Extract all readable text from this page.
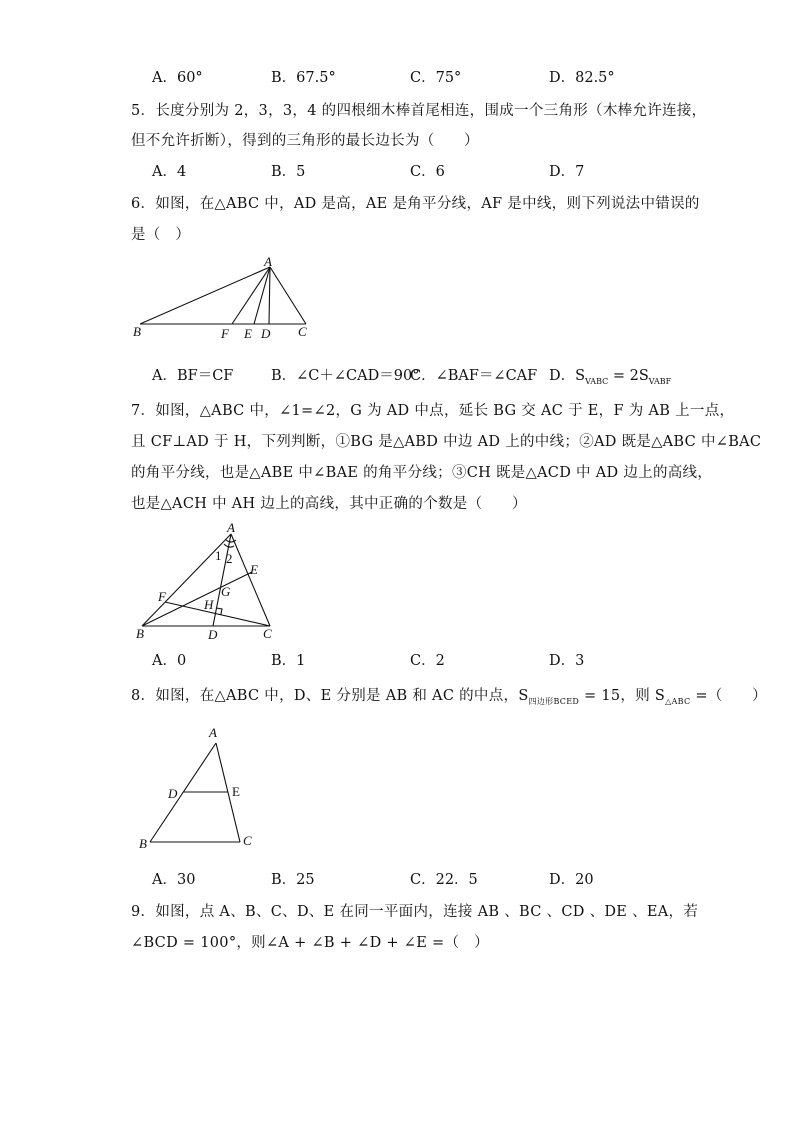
A．60°	B．67.5°	C．75°	D．82.5°
5．长度分别为 2，3，3，4 的四根细木棒首尾相连，围成一个三角形（木棒允许连接，
但不允许折断），得到的三角形的最长边长为（　　）
A．4	B．5	C．6	D．7
6．如图，在△ABC 中，AD 是高，AE 是角平分线，AF 是中线，则下列说法中错误的
是（　）
A
B	F E D C
A．BF＝CF	B．∠C＋∠CAD＝90°
C．∠BAF＝∠CAF D．$S_{VABC} = 2S_{VABF}$
7．如图，△ABC 中，∠1=∠2，G 为 AD 中点，延长 BG 交 AC 于 E，F 为 AB 上一点，
且 CF⊥AD 于 H，下列判断，①BG 是△ABD 中边 AD 上的中线；②AD 既是△ABC 中∠BAC
的角平分线，也是△ABE 中∠BAE 的角平分线；③CH 既是△ACD 中 AD 边上的高线，
也是△ACH 中 AH 边上的高线，其中正确的个数是（　　）
A
1 2
E
G
F
H
B	D	C
A．0	B．1	C．2	D．3
8．如图，在△ABC 中，D、E 分别是 AB 和 AC 的中点，$S_{四边形BCED} = 15$，则 $S_{\triangle ABC}$ =（　　）
A
D	E
B	C
A．30	B．25	C．22．5	D．20
9．如图，点 A、B、C、D、E 在同一平面内，连接 AB 、BC 、CD 、DE 、EA，若
∠BCD = 100°，则∠A + ∠B + ∠D + ∠E =（　）
